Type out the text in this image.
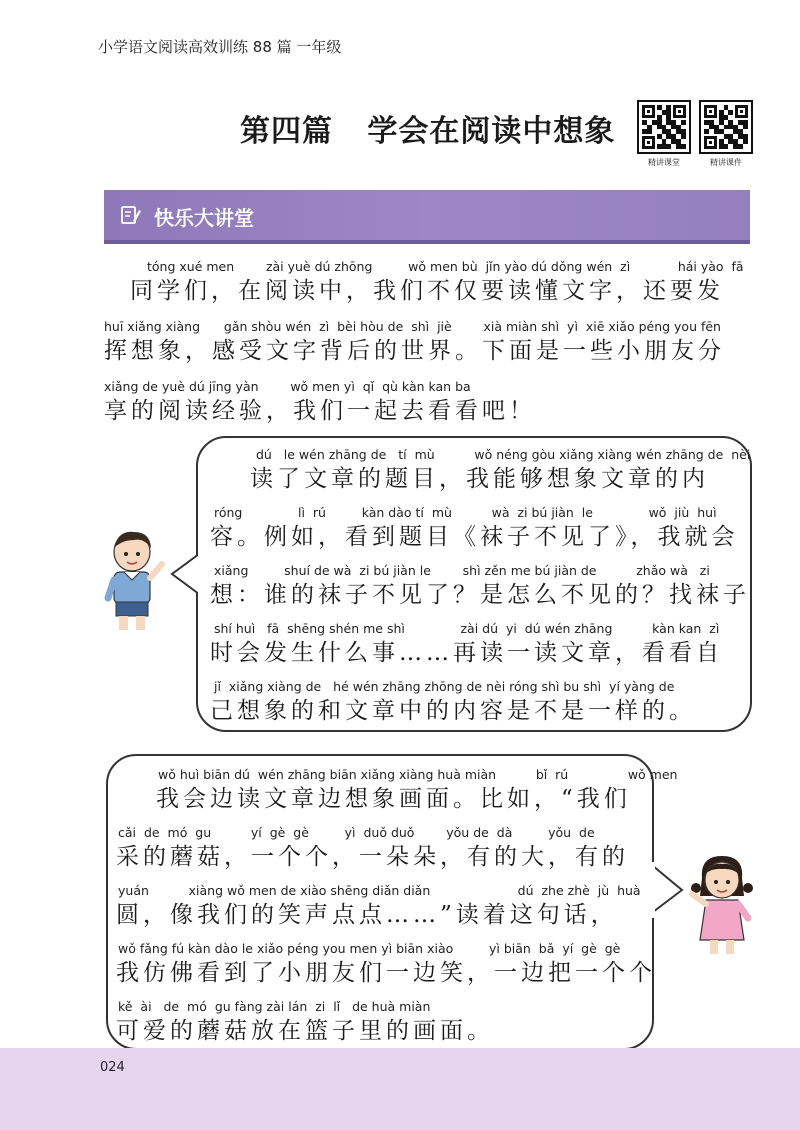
小学语文阅读高效训练 88 篇 一年级
第四篇   学会在阅读中想象
精讲课堂	精讲课件
快乐大讲堂
tóng xué men        zài yuè dú zhōng         wǒ men bù  jǐn yào dú dǒng wén  zì            hái yào  fā
同学们，在阅读中，我们不仅要读懂文字，还要发
huī xiǎng xiàng      gǎn shòu wén  zì  bèi hòu de  shì  jiè        xià miàn shì  yì  xiē xiǎo péng you fēn
挥想象，感受文字背后的世界。下面是一些小朋友分
xiǎng de yuè dú jīng yàn        wǒ men yì  qǐ  qù kàn kan ba
享的阅读经验，我们一起去看看吧！
dú   le wén zhāng de   tí  mù          wǒ néng gòu xiǎng xiàng wén zhāng de  nèi
读了文章的题目，我能够想象文章的内
róng              lì  rú         kàn dào tí  mù          wà  zi bú jiàn  le              wǒ  jiù  huì
容。例如，看到题目《袜子不见了》，我就会
xiǎng         shuí de wà  zi bú jiàn le        shì zěn me bú jiàn de          zhǎo wà   zi
想：谁的袜子不见了？是怎么不见的？找袜子
shí huì   fā  shēng shén me shì              zài dú  yi  dú wén zhāng          kàn kan  zì
时会发生什么事……再读一读文章，看看自
jǐ  xiǎng xiàng de   hé wén zhāng zhōng de nèi róng shì bu shì  yí yàng de
己想象的和文章中的内容是不是一样的。
wǒ huì biān dú  wén zhāng biān xiǎng xiàng huà miàn          bǐ  rú               wǒ men
我会边读文章边想象画面。比如，“我们
cǎi  de  mó  gu          yí  gè  gè         yì  duǒ duǒ        yǒu de  dà         yǒu  de
采的蘑菇，一个个，一朵朵，有的大，有的
yuán          xiàng wǒ men de xiào shēng diǎn diǎn                      dú  zhe zhè  jù  huà
圆，像我们的笑声点点……”读着这句话，
wǒ fǎng fú kàn dào le xiǎo péng you men yì biān xiào         yì biān  bǎ  yí  gè  gè
我仿佛看到了小朋友们一边笑，一边把一个个
kě  ài   de  mó  gu fàng zài lán  zi  lǐ   de huà miàn
可爱的蘑菇放在篮子里的画面。
024
